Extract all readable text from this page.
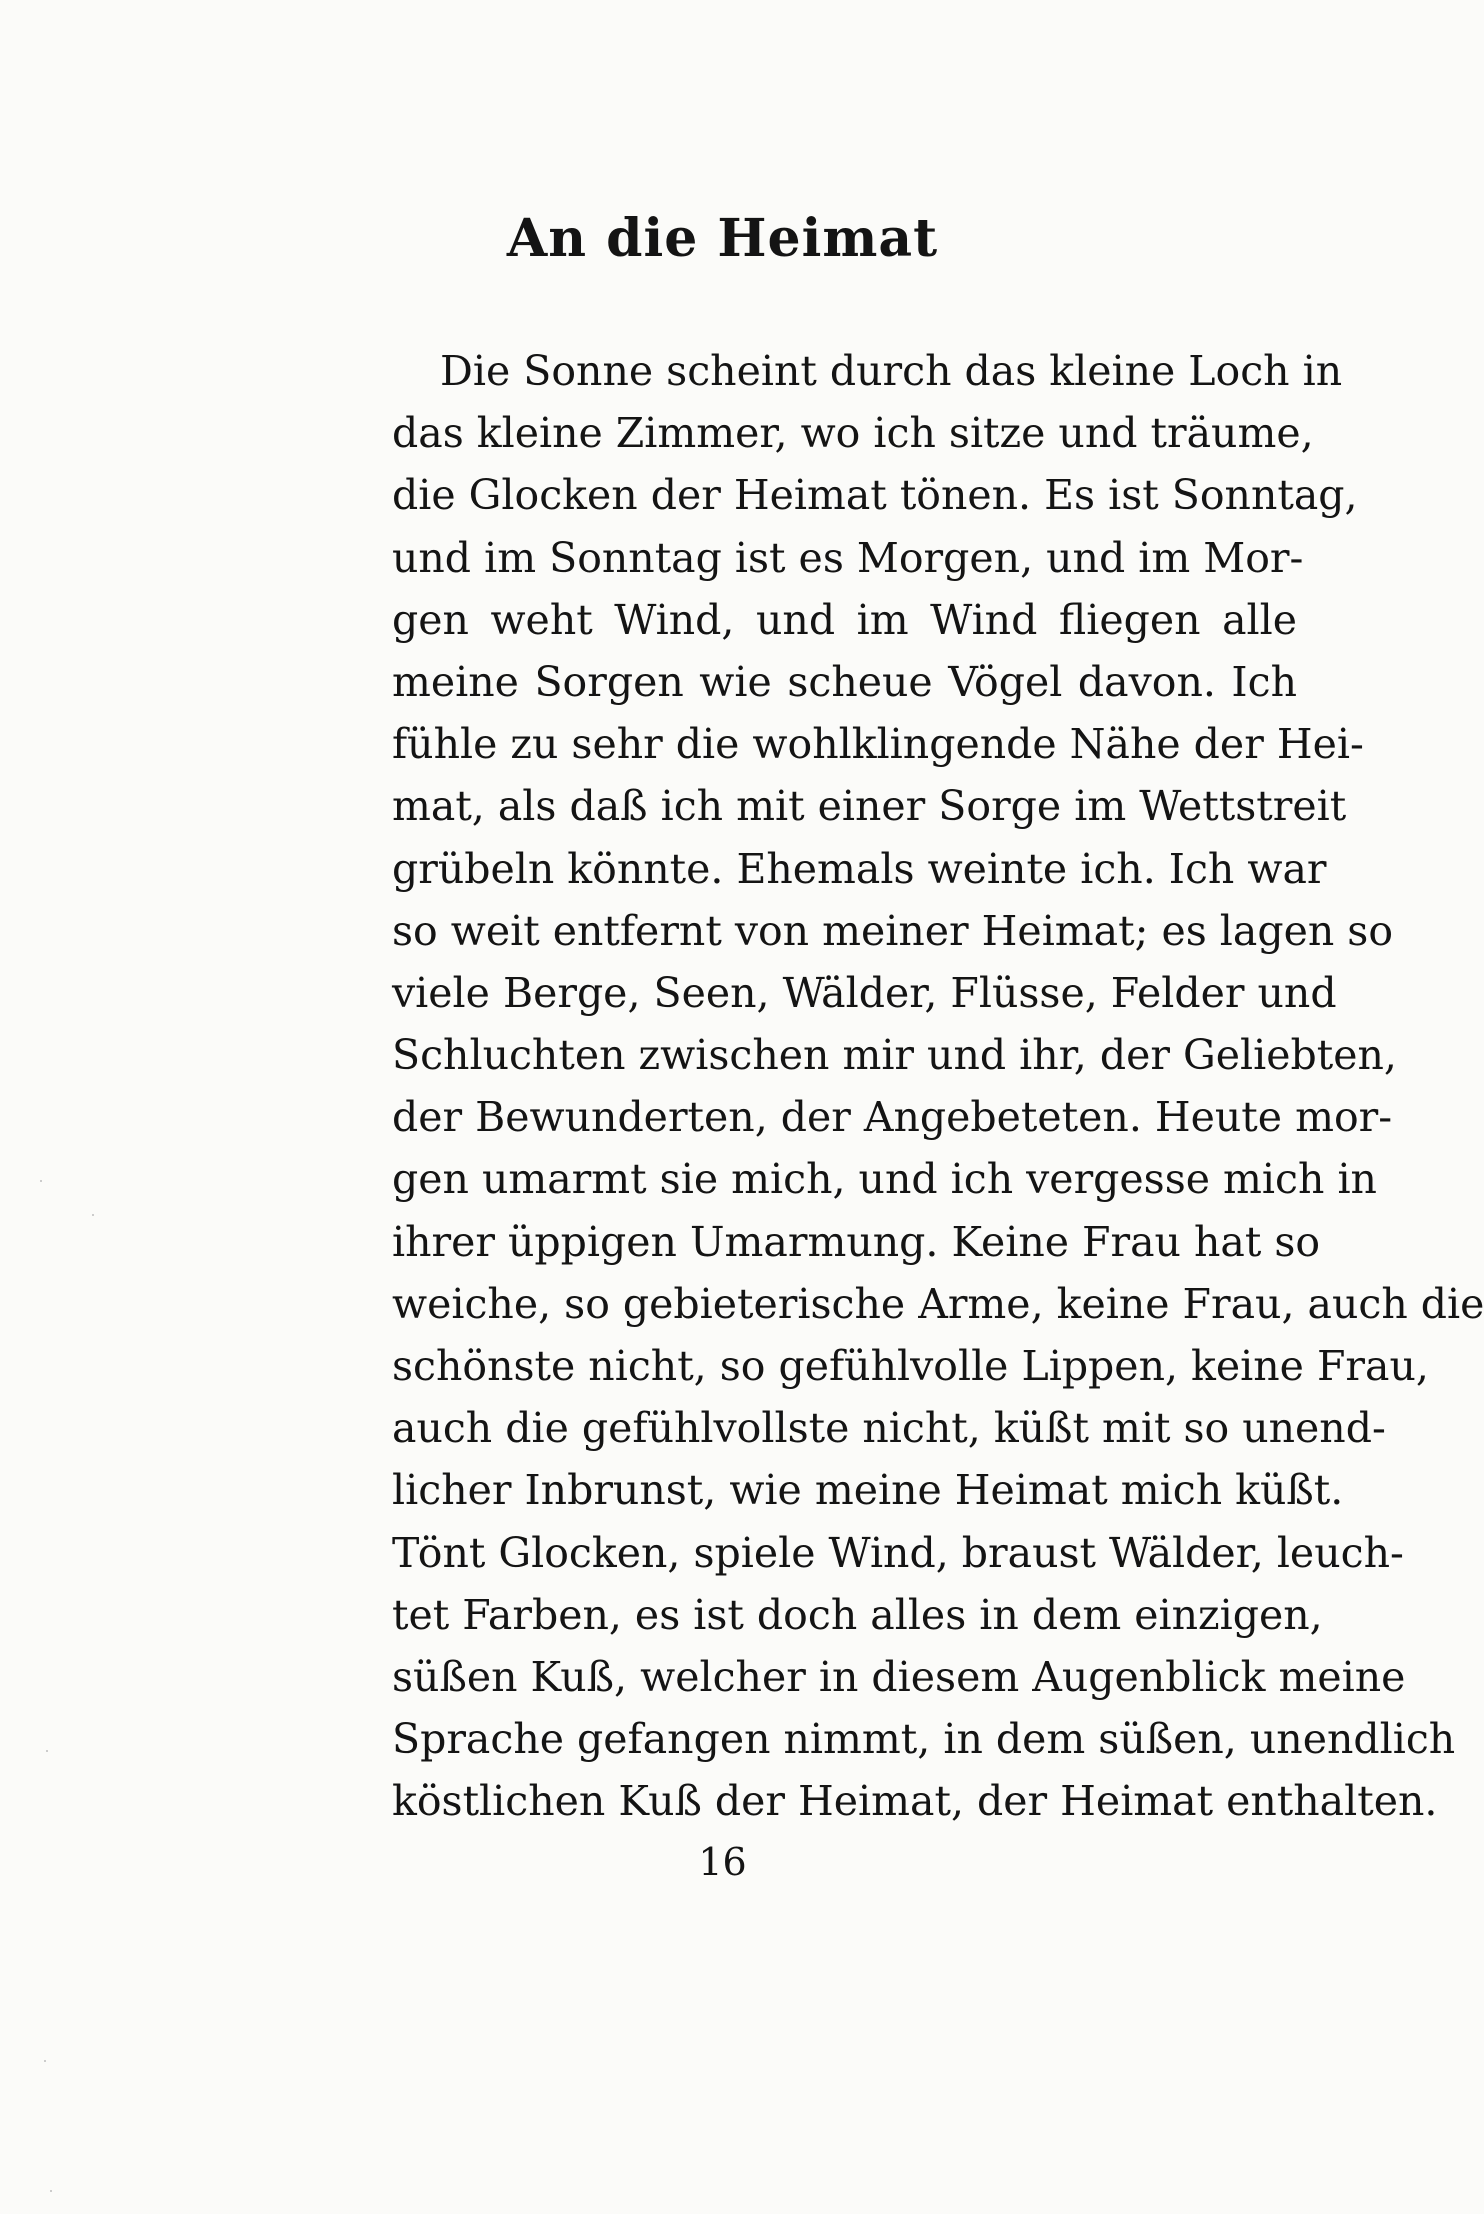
An die Heimat
Die Sonne scheint durch das kleine Loch in
das kleine Zimmer, wo ich sitze und träume,
die Glocken der Heimat tönen. Es ist Sonntag,
und im Sonntag ist es Morgen, und im Mor-
gen weht Wind, und im Wind fliegen alle
meine Sorgen wie scheue Vögel davon. Ich
fühle zu sehr die wohlklingende Nähe der Hei-
mat, als daß ich mit einer Sorge im Wettstreit
grübeln könnte. Ehemals weinte ich. Ich war
so weit entfernt von meiner Heimat; es lagen so
viele Berge, Seen, Wälder, Flüsse, Felder und
Schluchten zwischen mir und ihr, der Geliebten,
der Bewunderten, der Angebeteten. Heute mor-
gen umarmt sie mich, und ich vergesse mich in
ihrer üppigen Umarmung. Keine Frau hat so
weiche, so gebieterische Arme, keine Frau, auch die
schönste nicht, so gefühlvolle Lippen, keine Frau,
auch die gefühlvollste nicht, küßt mit so unend-
licher Inbrunst, wie meine Heimat mich küßt.
Tönt Glocken, spiele Wind, braust Wälder, leuch-
tet Farben, es ist doch alles in dem einzigen,
süßen Kuß, welcher in diesem Augenblick meine
Sprache gefangen nimmt, in dem süßen, unendlich
köstlichen Kuß der Heimat, der Heimat enthalten.
16
